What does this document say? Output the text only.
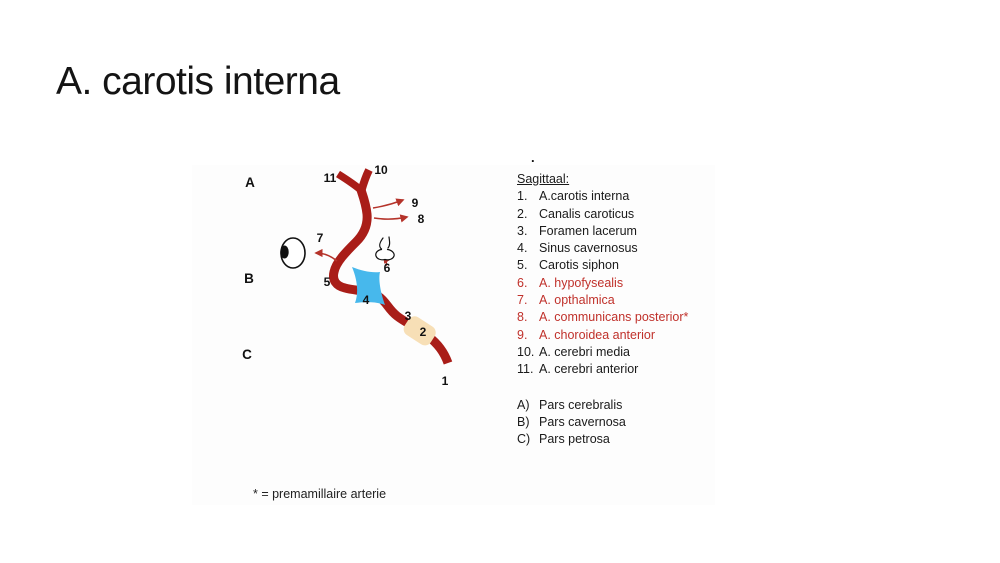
A. carotis interna
1
2
3
4
5
6
7
8
9
10
11
A
B
C
.
Sagittaal:
1. A.carotis interna
2. Canalis caroticus
3. Foramen lacerum
4. Sinus cavernosus
5. Carotis siphon
6. A. hypofysealis
7. A. opthalmica
8. A. communicans posterior*
9. A. choroidea anterior
10. A. cerebri media
11. A. cerebri anterior
A) Pars cerebralis
B) Pars cavernosa
C) Pars petrosa
* = premamillaire arterie
